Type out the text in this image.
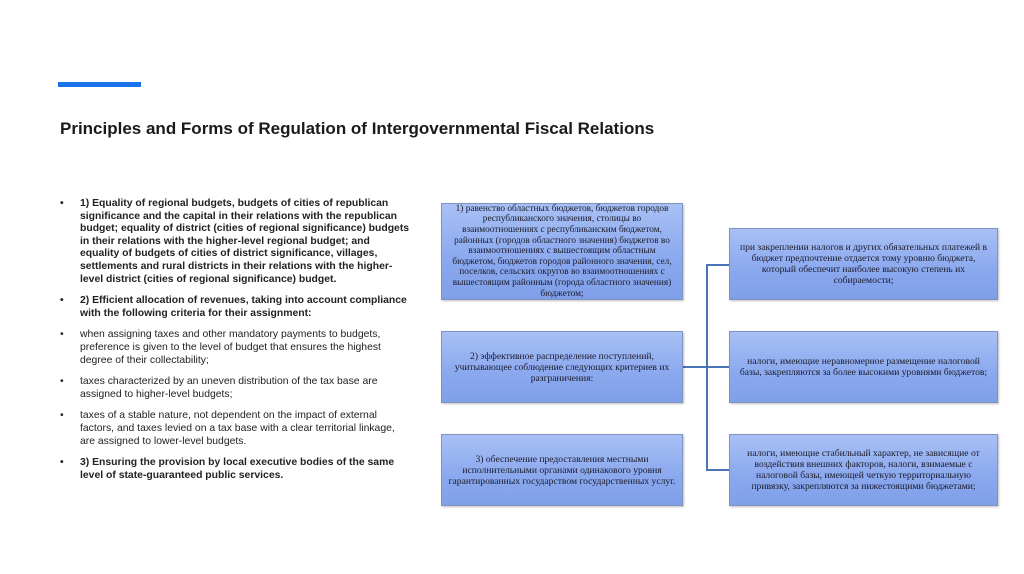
Principles and Forms of Regulation of Intergovernmental Fiscal Relations
• 1) Equality of regional budgets, budgets of cities of republican significance and the capital in their relations with the republican budget; equality of district (cities of regional significance) budgets in their relations with the higher-level regional budget; and equality of budgets of cities of district significance, villages, settlements and rural districts in their relations with the higher-level district (cities of regional significance) budget.
• 2) Efficient allocation of revenues, taking into account compliance with the following criteria for their assignment:
• when assigning taxes and other mandatory payments to budgets, preference is given to the level of budget that ensures the highest degree of their collectability;
• taxes characterized by an uneven distribution of the tax base are assigned to higher-level budgets;
• taxes of a stable nature, not dependent on the impact of external factors, and taxes levied on a tax base with a clear territorial linkage, are assigned to lower-level budgets.
• 3) Ensuring the provision by local executive bodies of the same level of state-guaranteed public services.
1) равенство областных бюджетов, бюджетов городов республиканского значения, столицы во взаимоотношениях с республиканским бюджетом, районных (городов областного значения) бюджетов во взаимоотношениях с вышестоящим областным бюджетом, бюджетов городов районного значения, сел, поселков, сельских округов во взаимоотношениях с вышестоящим районным (города областного значения) бюджетом;
2) эффективное распределение поступлений, учитывающее соблюдение следующих критериев их разграничения:
3) обеспечение предоставления местными исполнительными органами одинакового уровня гарантированных государством государственных услуг.
при закреплении налогов и других обязательных платежей в бюджет предпочтение отдается тому уровню бюджета, который обеспечит наиболее высокую степень их собираемости;
налоги, имеющие неравномерное размещение налоговой базы, закрепляются за более высокими уровнями бюджетов;
налоги, имеющие стабильный характер, не зависящие от воздействия внешних факторов, налоги, взимаемые с налоговой базы, имеющей четкую территориальную привязку, закрепляются за нижестоящими бюджетами;
